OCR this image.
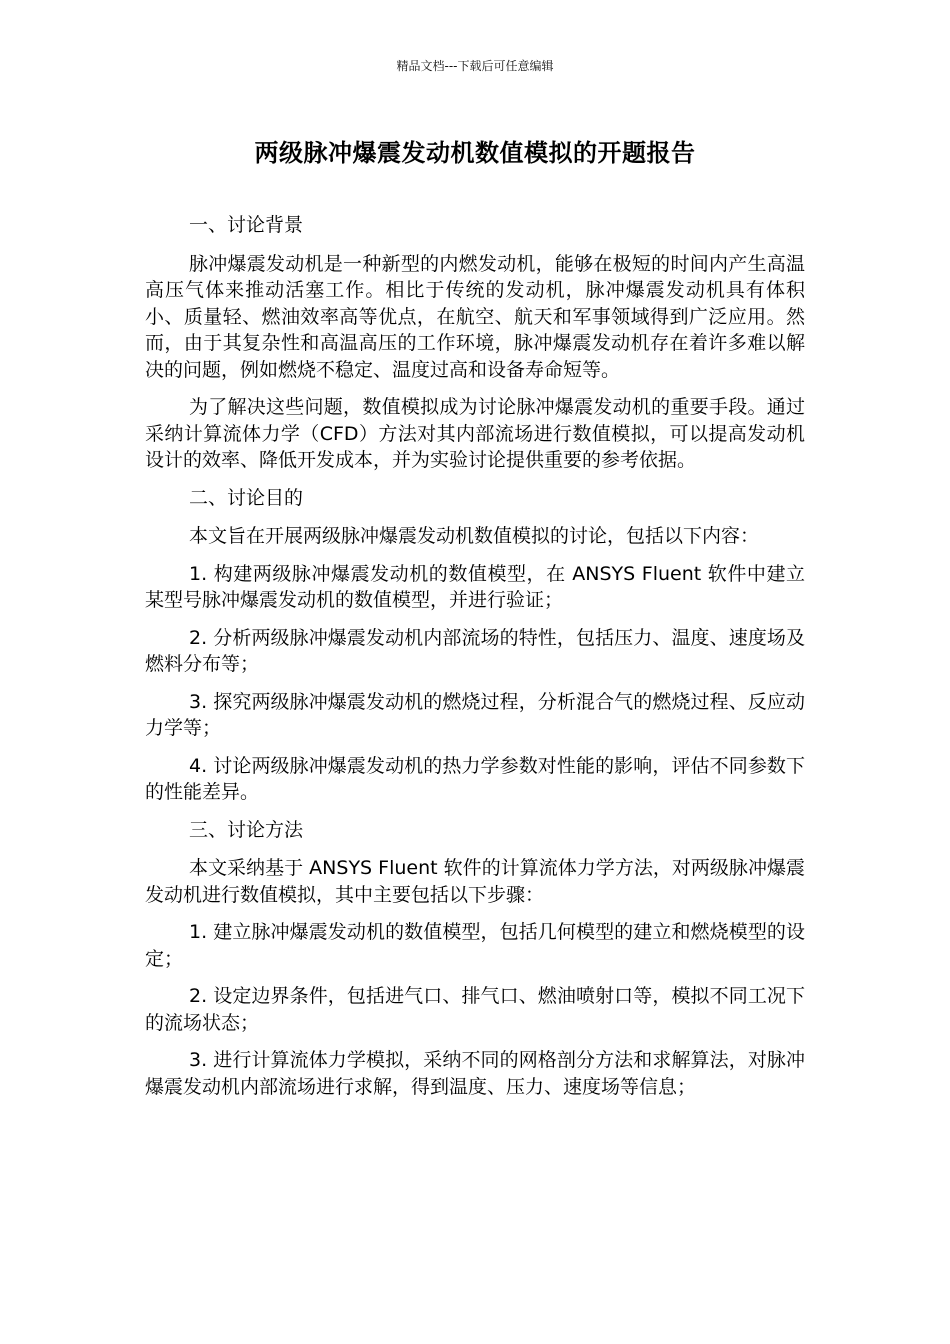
精品文档---下载后可任意编辑
两级脉冲爆震发动机数值模拟的开题报告
一、讨论背景

脉冲爆震发动机是一种新型的内燃发动机，能够在极短的时间内产生高温高压气体来推动活塞工作。相比于传统的发动机，脉冲爆震发动机具有体积小、质量轻、燃油效率高等优点，在航空、航天和军事领域得到广泛应用。然而，由于其复杂性和高温高压的工作环境，脉冲爆震发动机存在着许多难以解决的问题，例如燃烧不稳定、温度过高和设备寿命短等。

为了解决这些问题，数值模拟成为讨论脉冲爆震发动机的重要手段。通过采纳计算流体力学（CFD）方法对其内部流场进行数值模拟，可以提高发动机设计的效率、降低开发成本，并为实验讨论提供重要的参考依据。

二、讨论目的

本文旨在开展两级脉冲爆震发动机数值模拟的讨论，包括以下内容：

1. 构建两级脉冲爆震发动机的数值模型，在 ANSYS Fluent 软件中建立某型号脉冲爆震发动机的数值模型，并进行验证；

2. 分析两级脉冲爆震发动机内部流场的特性，包括压力、温度、速度场及燃料分布等；

3. 探究两级脉冲爆震发动机的燃烧过程，分析混合气的燃烧过程、反应动力学等；

4. 讨论两级脉冲爆震发动机的热力学参数对性能的影响，评估不同参数下的性能差异。

三、讨论方法

本文采纳基于 ANSYS Fluent 软件的计算流体力学方法，对两级脉冲爆震发动机进行数值模拟，其中主要包括以下步骤：

1. 建立脉冲爆震发动机的数值模型，包括几何模型的建立和燃烧模型的设定；

2. 设定边界条件，包括进气口、排气口、燃油喷射口等，模拟不同工况下的流场状态；

3. 进行计算流体力学模拟，采纳不同的网格剖分方法和求解算法，对脉冲爆震发动机内部流场进行求解，得到温度、压力、速度场等信息；
